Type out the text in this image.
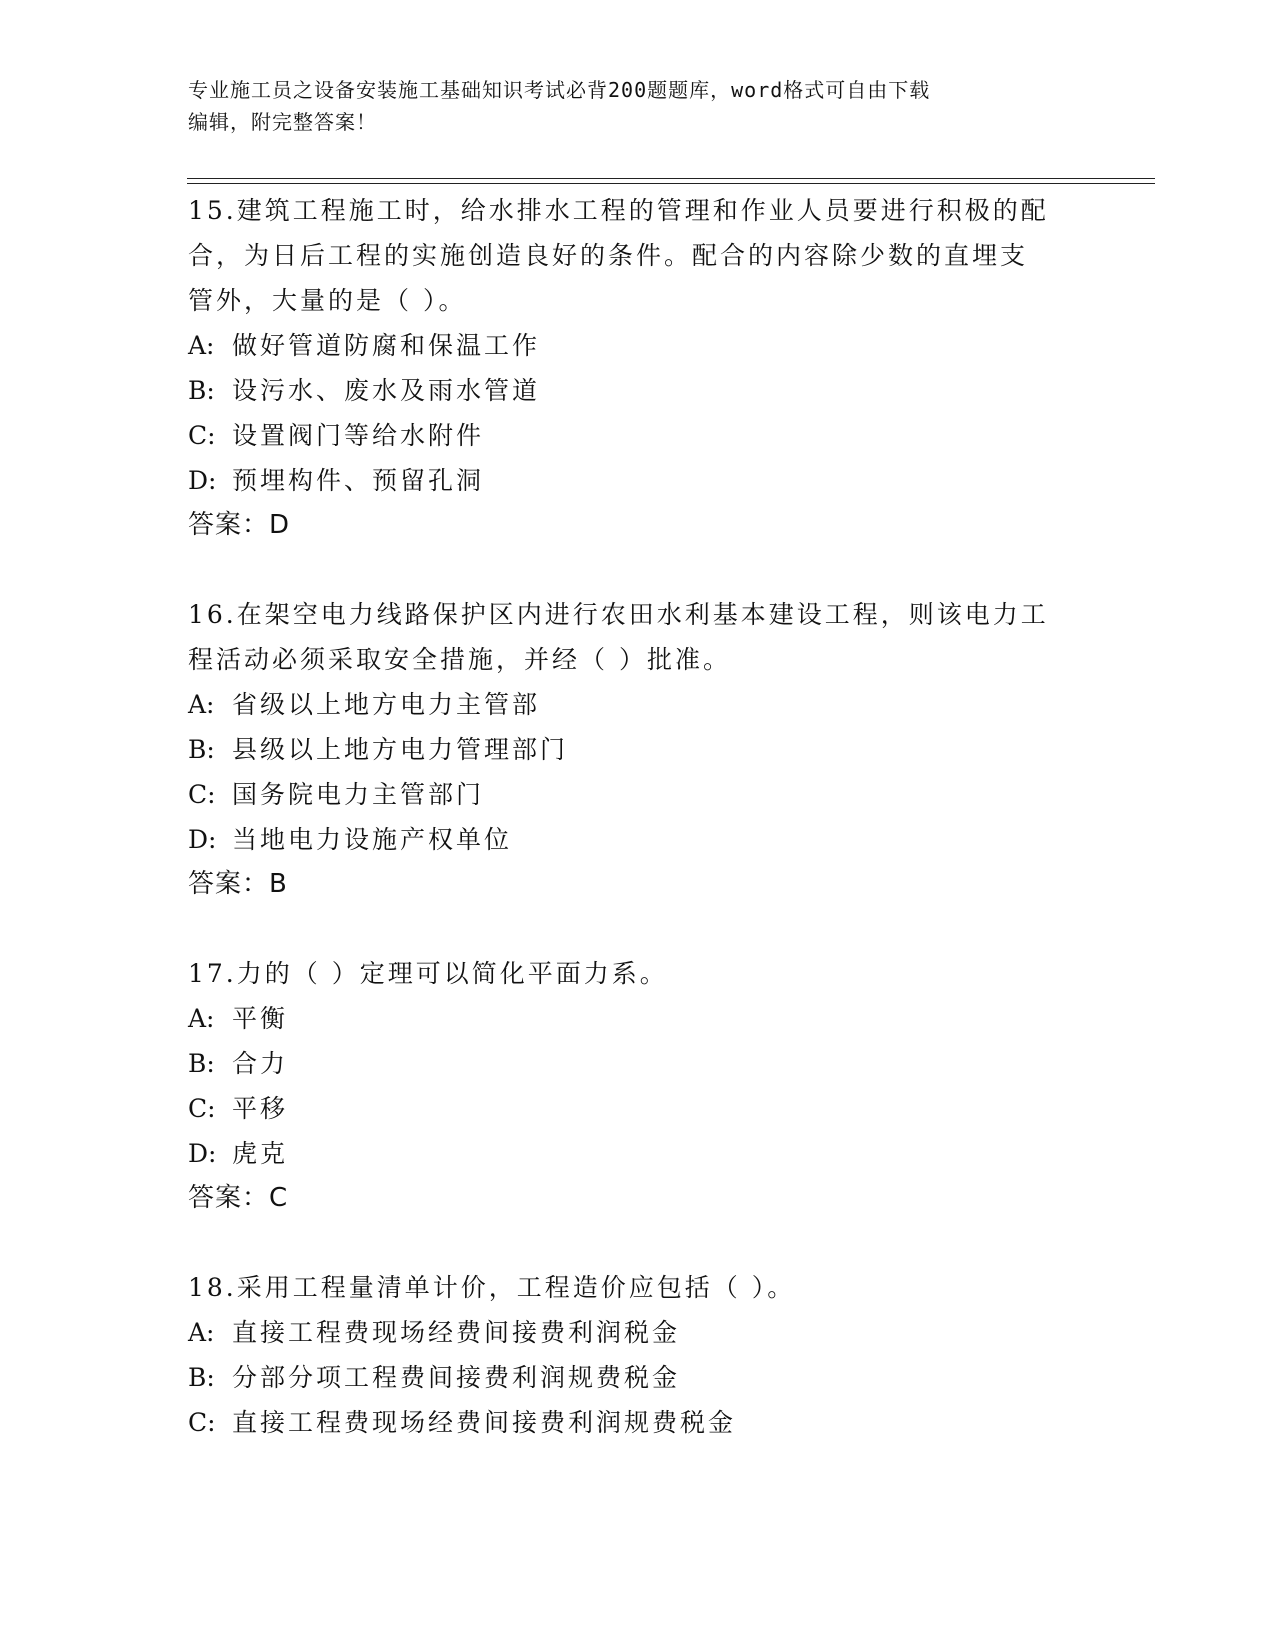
专业施工员之设备安装施工基础知识考试必背200题题库，word格式可自由下载
编辑，附完整答案！
15.建筑工程施工时，给水排水工程的管理和作业人员要进行积极的配
合，为日后工程的实施创造良好的条件。配合的内容除少数的直埋支
管外，大量的是（ ）。
A: 做好管道防腐和保温工作
B: 设污水、废水及雨水管道
C: 设置阀门等给水附件
D: 预埋构件、预留孔洞
答案：D
16.在架空电力线路保护区内进行农田水利基本建设工程，则该电力工
程活动必须采取安全措施，并经（ ）批准。
A: 省级以上地方电力主管部
B: 县级以上地方电力管理部门
C: 国务院电力主管部门
D: 当地电力设施产权单位
答案：B
17.力的（ ）定理可以简化平面力系。
A: 平衡
B: 合力
C: 平移
D: 虎克
答案：C
18.采用工程量清单计价，工程造价应包括（ ）。
A: 直接工程费现场经费间接费利润税金
B: 分部分项工程费间接费利润规费税金
C: 直接工程费现场经费间接费利润规费税金
